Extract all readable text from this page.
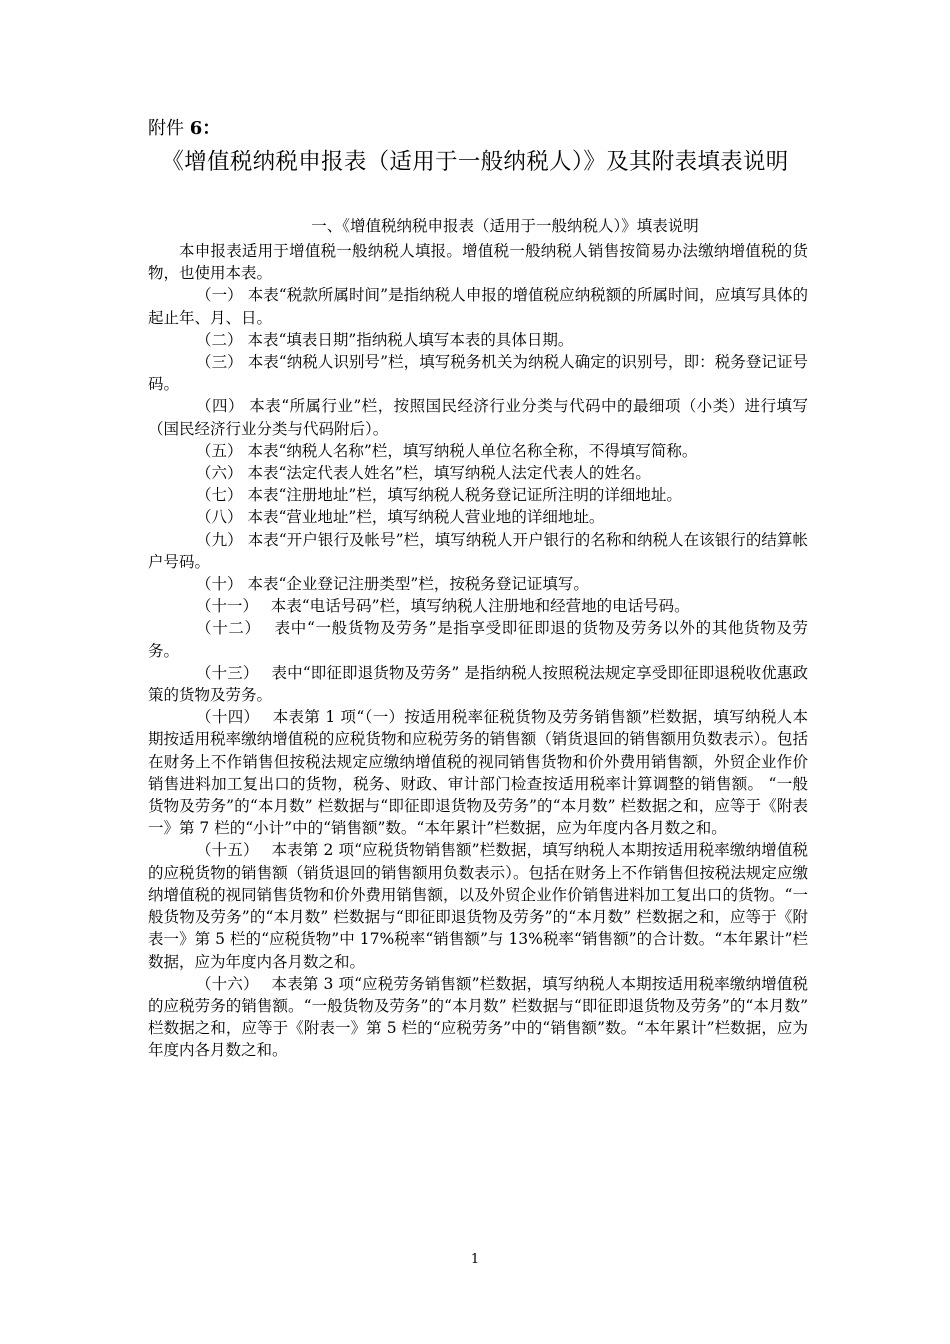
附件 6：
《增值税纳税申报表（适用于一般纳税人）》及其附表填表说明
一、《增值税纳税申报表（适用于一般纳税人）》填表说明

本申报表适用于增值税一般纳税人填报。增值税一般纳税人销售按简易办法缴纳增值税的货物，也使用本表。

（一） 本表“税款所属时间”是指纳税人申报的增值税应纳税额的所属时间，应填写具体的起止年、月、日。

（二） 本表“填表日期”指纳税人填写本表的具体日期。

（三） 本表“纳税人识别号”栏，填写税务机关为纳税人确定的识别号，即：税务登记证号码。

（四） 本表“所属行业”栏，按照国民经济行业分类与代码中的最细项（小类）进行填写（国民经济行业分类与代码附后）。

（五） 本表“纳税人名称”栏，填写纳税人单位名称全称，不得填写简称。

（六） 本表“法定代表人姓名”栏，填写纳税人法定代表人的姓名。

（七） 本表“注册地址”栏，填写纳税人税务登记证所注明的详细地址。

（八） 本表“营业地址”栏，填写纳税人营业地的详细地址。

（九） 本表“开户银行及帐号”栏，填写纳税人开户银行的名称和纳税人在该银行的结算帐户号码。

（十） 本表“企业登记注册类型”栏，按税务登记证填写。

（十一）　 本表“电话号码”栏，填写纳税人注册地和经营地的电话号码。

（十二）　 表中“一般货物及劳务”是指享受即征即退的货物及劳务以外的其他货物及劳务。

（十三）　 表中“即征即退货物及劳务” 是指纳税人按照税法规定享受即征即退税收优惠政策的货物及劳务。

（十四）　 本表第 1 项“（一）按适用税率征税货物及劳务销售额”栏数据，填写纳税人本期按适用税率缴纳增值税的应税货物和应税劳务的销售额（销货退回的销售额用负数表示）。包括在财务上不作销售但按税法规定应缴纳增值税的视同销售货物和价外费用销售额，外贸企业作价销售进料加工复出口的货物，税务、财政、审计部门检查按适用税率计算调整的销售额。 “一般货物及劳务”的“本月数” 栏数据与“即征即退货物及劳务”的“本月数” 栏数据之和，应等于《附表一》第 7 栏的“小计”中的“销售额”数。“本年累计”栏数据，应为年度内各月数之和。

（十五）　 本表第 2 项“应税货物销售额”栏数据，填写纳税人本期按适用税率缴纳增值税的应税货物的销售额（销货退回的销售额用负数表示）。包括在财务上不作销售但按税法规定应缴纳增值税的视同销售货物和价外费用销售额，以及外贸企业作价销售进料加工复出口的货物。“一般货物及劳务”的“本月数” 栏数据与“即征即退货物及劳务”的“本月数” 栏数据之和，应等于《附表一》第 5 栏的“应税货物”中 17%税率“销售额”与 13%税率“销售额”的合计数。“本年累计”栏数据，应为年度内各月数之和。

（十六）　 本表第 3 项“应税劳务销售额”栏数据，填写纳税人本期按适用税率缴纳增值税的应税劳务的销售额。“一般货物及劳务”的“本月数” 栏数据与“即征即退货物及劳务”的“本月数” 栏数据之和，应等于《附表一》第 5 栏的“应税劳务”中的“销售额”数。“本年累计”栏数据，应为年度内各月数之和。

1
